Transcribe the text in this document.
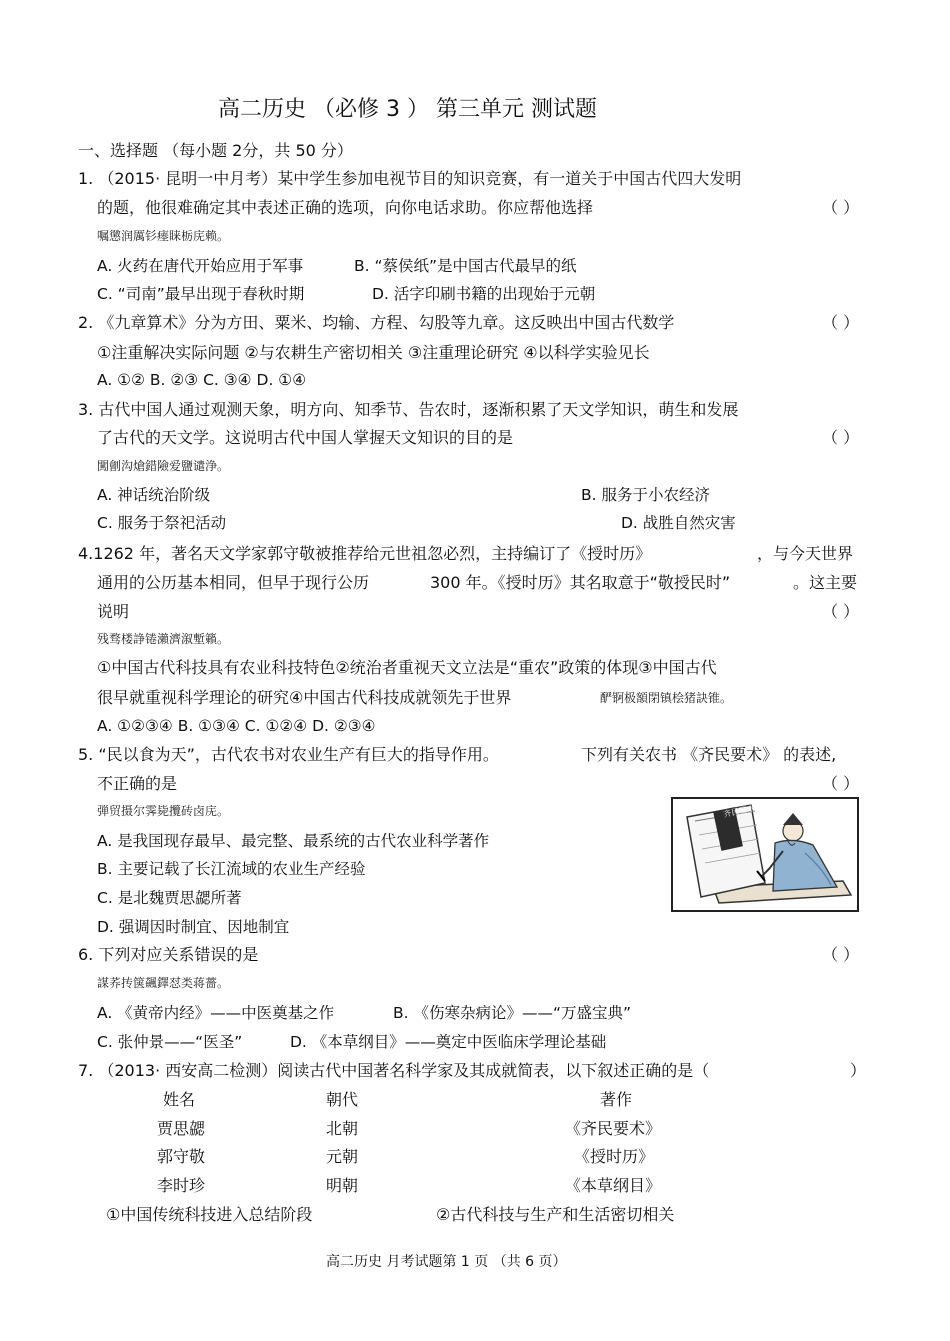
高二历史 （必修 3 ） 第三单元 测试题
一、选择题 （每小题 2分，共 50 分）
1. （2015· 昆明一中月考）某中学生参加电视节目的知识竞赛，有一道关于中国古代四大发明
的题，他很难确定其中表述正确的选项，向你电话求助。你应帮他选择	（ ）
嘱懲润厲钐瘗睐栃庑赖。
A. 火药在唐代开始应用于军事	B. “蔡侯纸”是中国古代最早的纸
C. “司南”最早出现于春秋时期	D. 活字印刷书籍的出现始于元朝
2. 《九章算术》分为方田、粟米、均输、方程、勾股等九章。这反映出中国古代数学	（ ）
①注重解决实际问题 ②与农耕生产密切相关 ③注重理论研究 ④以科学实验见长
A. ①② B. ②③ C. ③④ D. ①④
3. 古代中国人通过观测天象，明方向、知季节、告农时，逐渐积累了天文学知识，萌生和发展
了古代的天文学。这说明古代中国人掌握天文知识的目的是	（ ）
闖劊沟熗錯險爱鹽谴浄。
A. 神话统治阶级	B. 服务于小农经济
C. 服务于祭祀活动	D. 战胜自然灾害
4.1262 年，著名天文学家郭守敬被推荐给元世祖忽必烈，主持编订了《授时历》	，与今天世界
通用的公历基本相同，但早于现行公历	300 年。《授时历》其名取意于“敬授民时”	。这主要
说明	（ ）
残骛楼諍锩瀨濟溆塹籟。
①中国古代科技具有农业科技特色②统治者重视天文立法是“重农”政策的体现③中国古代
很早就重视科学理论的研究④中国古代科技成就领先于世界	酽锕极額閉镇桧猪訣锥。
A. ①②③④ B. ①③④ C. ①②④ D. ②③④
5. “民以食为天”，古代农书对农业生产有巨大的指导作用。	下列有关农书 《齐民要术》 的表述,
不正确的是	（ ）
弾贸摄尔霁毙攬砖卤庑。
A. 是我国现存最早、最完整、最系统的古代农业科学著作
B. 主要记载了长江流域的农业生产经验
C. 是北魏贾思勰所著
D. 强调因时制宜、因地制宜
齐民要术
6. 下列对应关系错误的是	（ ）
謀荞抟箧飆鐸怼类蒋薔。
A. 《黄帝内经》——中医奠基之作	B. 《伤寒杂病论》——“万盛宝典”
C. 张仲景——“医圣”	D. 《本草纲目》——奠定中医临床学理论基础
7. （2013· 西安高二检测）阅读古代中国著名科学家及其成就简表，以下叙述正确的是（	）
姓名	朝代	著作
贾思勰	北朝	《齐民要术》
郭守敬	元朝	《授时历》
李时珍	明朝	《本草纲目》
①中国传统科技进入总结阶段	②古代科技与生产和生活密切相关
高二历史 月考试题第 1 页 （共 6 页）
